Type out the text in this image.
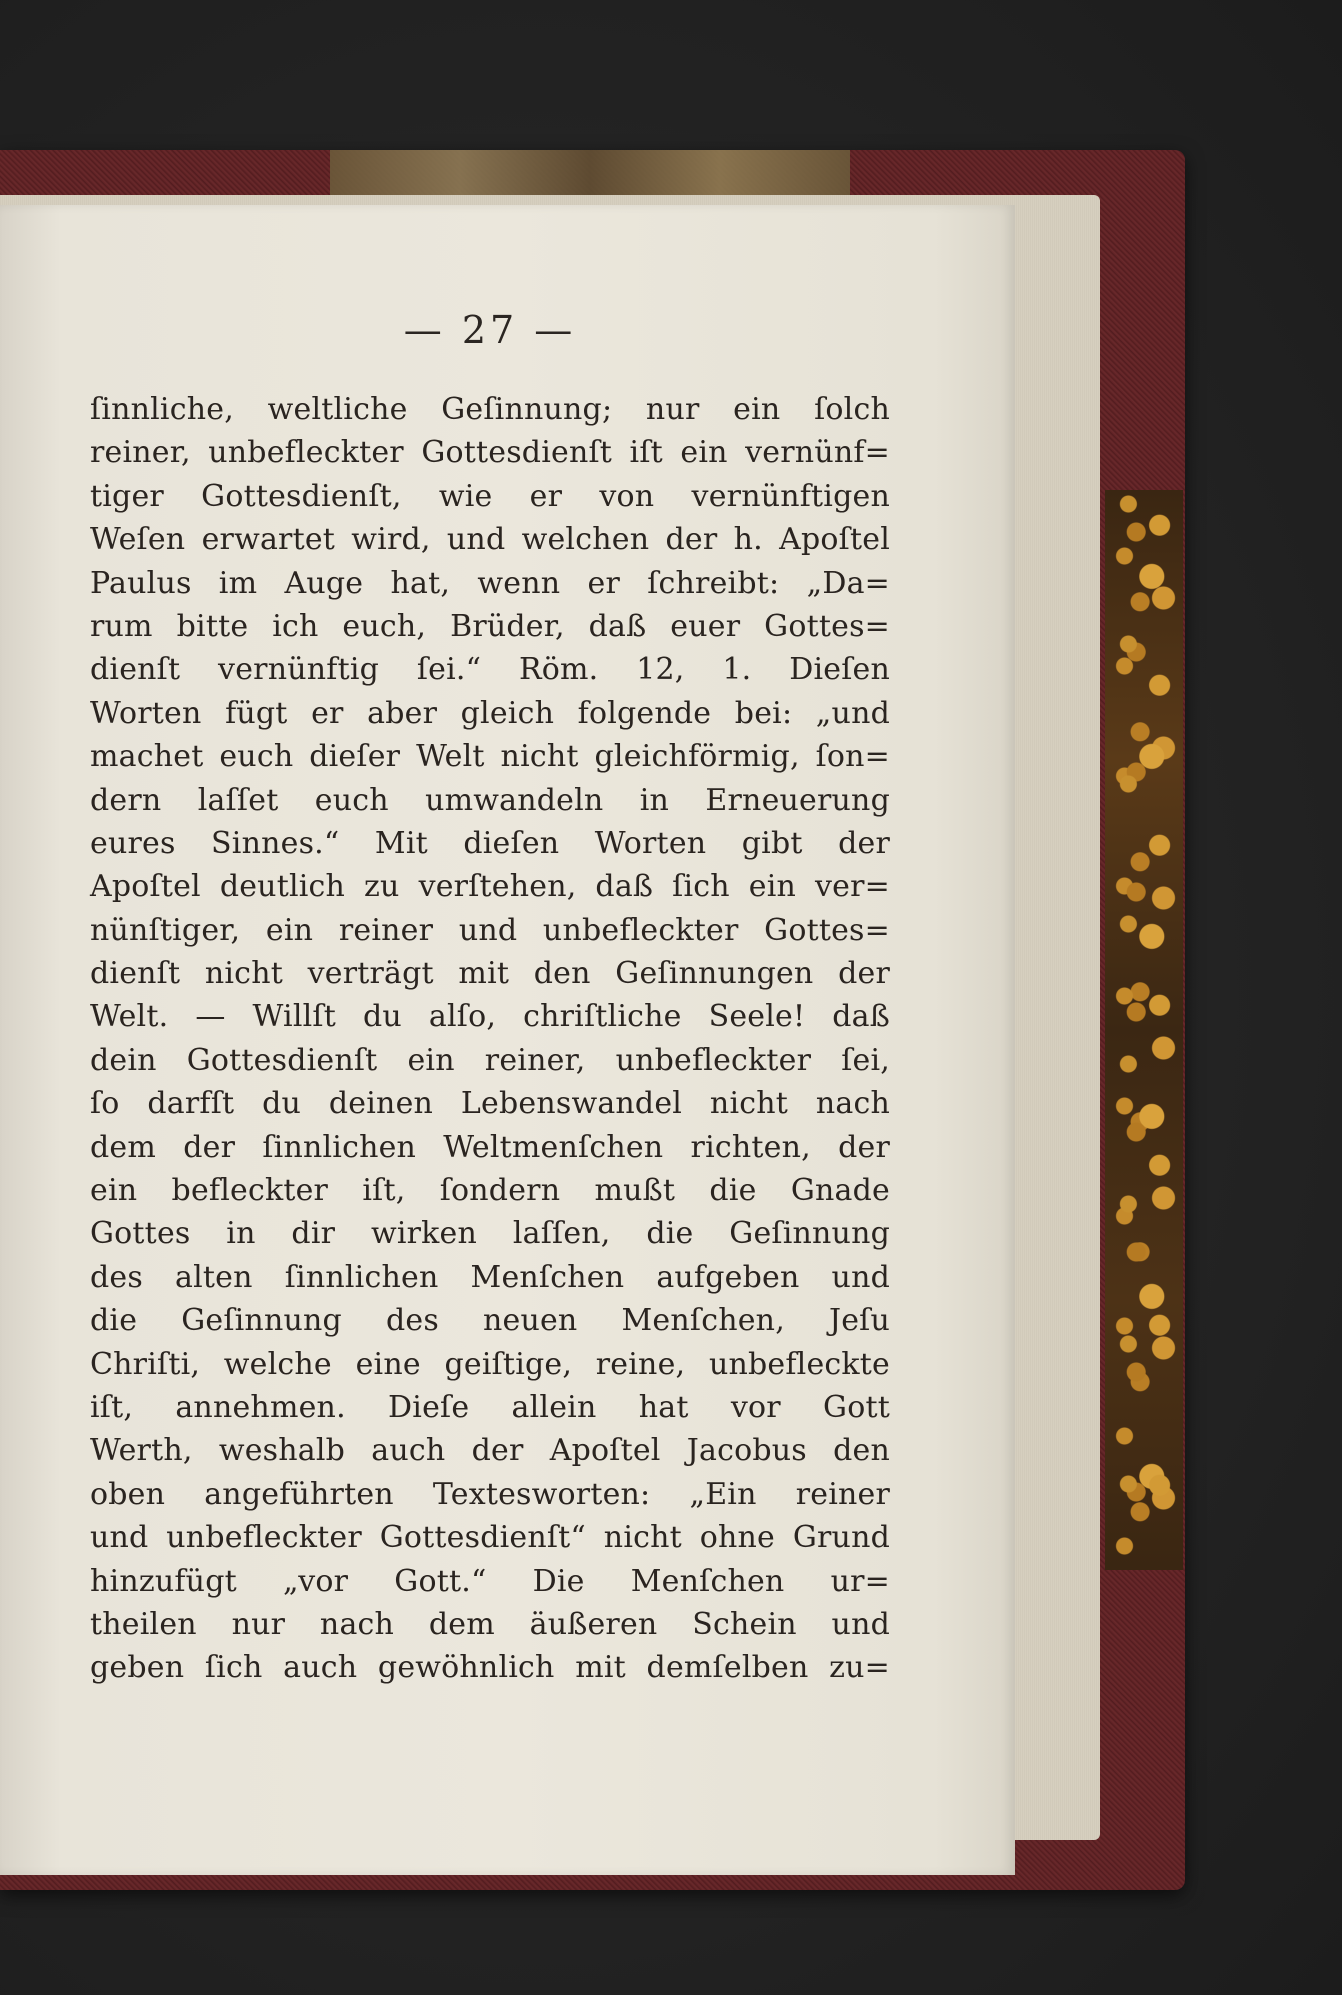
— 27 —
ſinnliche, weltliche Geſinnung; nur ein ſolch
reiner, unbefleckter Gottesdienſt iſt ein vernünf=
tiger Gottesdienſt, wie er von vernünftigen
Weſen erwartet wird, und welchen der h. Apoſtel
Paulus im Auge hat, wenn er ſchreibt: „Da=
rum bitte ich euch, Brüder, daß euer Gottes=
dienſt vernünftig ſei.“ Röm. 12, 1. Dieſen
Worten fügt er aber gleich folgende bei: „und
machet euch dieſer Welt nicht gleichförmig, ſon=
dern laſſet euch umwandeln in Erneuerung
eures Sinnes.“ Mit dieſen Worten gibt der
Apoſtel deutlich zu verſtehen, daß ſich ein ver=
nünſtiger, ein reiner und unbefleckter Gottes=
dienſt nicht verträgt mit den Geſinnungen der
Welt. — Willſt du alſo, chriſtliche Seele! daß
dein Gottesdienſt ein reiner, unbefleckter ſei,
ſo darfſt du deinen Lebenswandel nicht nach
dem der ſinnlichen Weltmenſchen richten, der
ein befleckter iſt, ſondern mußt die Gnade
Gottes in dir wirken laſſen, die Geſinnung
des alten ſinnlichen Menſchen aufgeben und
die Geſinnung des neuen Menſchen, Jeſu
Chriſti, welche eine geiſtige, reine, unbefleckte
iſt, annehmen. Dieſe allein hat vor Gott
Werth, weshalb auch der Apoſtel Jacobus den
oben angeführten Textesworten: „Ein reiner
und unbefleckter Gottesdienſt“ nicht ohne Grund
hinzufügt „vor Gott.“ Die Menſchen ur=
theilen nur nach dem äußeren Schein und
geben ſich auch gewöhnlich mit demſelben zu=
